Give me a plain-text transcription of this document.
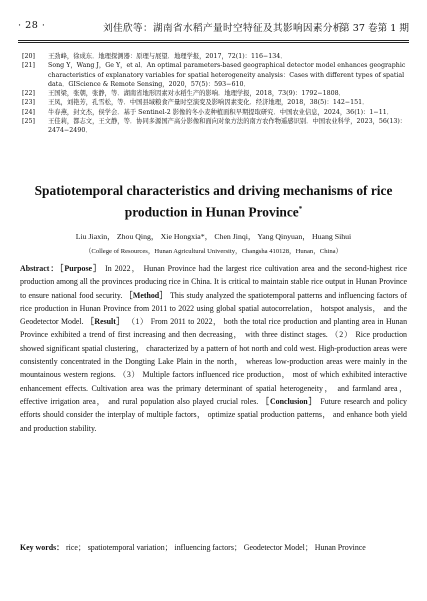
· 28 ·	刘佳欣等：湖南省水稻产量时空特征及其影响因素分析
第 37 卷第 1 期
[20] 王劲峰，徐成东．地理探测器：原理与展望．地理学报，2017，72(1)：116−134．
[21] Song Y，Wang J，Ge Y，et al．An optimal parameters-based geographical detector model enhances geographic characteristics of explanatory variables for spatial heterogeneity analysis：Cases with different types of spatial data．GIScience & Remote Sensing，2020，57(5)：593−610．
[22] 王国梁，张朝，张静，等．湖南省地形因素对水稻生产的影响．地理学报，2018，73(9)：1792−1808．
[23] 王凤，刘艳芳，孔雪松，等．中国县域粮食产量时空演变及影响因素变化．经济地理，2018，38(5)：142−151．
[24] 牛春燕，封文杰，侯学会．基于 Sentinel-2 影像的冬小麦种植面积早期提取研究．中国农业信息，2024，36(1)：1−11．
[25] 王佳莉，都志文，王文静，等．协同多源国产高分影像和面向对象方法的南方农作物遥感识别．中国农业科学，2023，56(13)：2474−2490．
Spatiotemporal characteristics and driving mechanisms of rice production in Hunan Province*
Liu Jiaxin， Zhou Qing， Xie Hongxia*， Chen Jinqi， Yang Qinyuan， Huang Sihui
（College of Resources，Hunan Agricultural University，Changsha 410128，Hunan，China）
Abstract：［Purpose］ In 2022， Hunan Province had the largest rice cultivation area and the second-highest rice production among all the provinces producing rice in China. It is critical to maintain stable rice output in Hunan Province to ensure national food security. ［Method］ This study analyzed the spatiotemporal patterns and influencing factors of rice production in Hunan Province from 2011 to 2022 using global spatial autocorrelation， hotspot analysis， and the Geodetector Model. ［Result］ （1） From 2011 to 2022， both the total rice production and planting area in Hunan Province exhibited a trend of first increasing and then decreasing， with three distinct stages. （2） Rice production showed significant spatial clustering， characterized by a pattern of hot north and cold west. High-production areas were consistently concentrated in the Dongting Lake Plain in the north， whereas low-production areas were mainly in the mountainous western regions. （3） Multiple factors influenced rice production， most of which exhibited interactive enhancement effects. Cultivation area was the primary determinant of spatial heterogeneity， and farmland area， effective irrigation area， and rural population also played crucial roles. ［Conclusion］ Future research and policy efforts should consider the interplay of multiple factors， optimize spatial production patterns， and enhance both yield and production stability.
Key words： rice； spatiotemporal variation； influencing factors； Geodetector Model； Hunan Province
